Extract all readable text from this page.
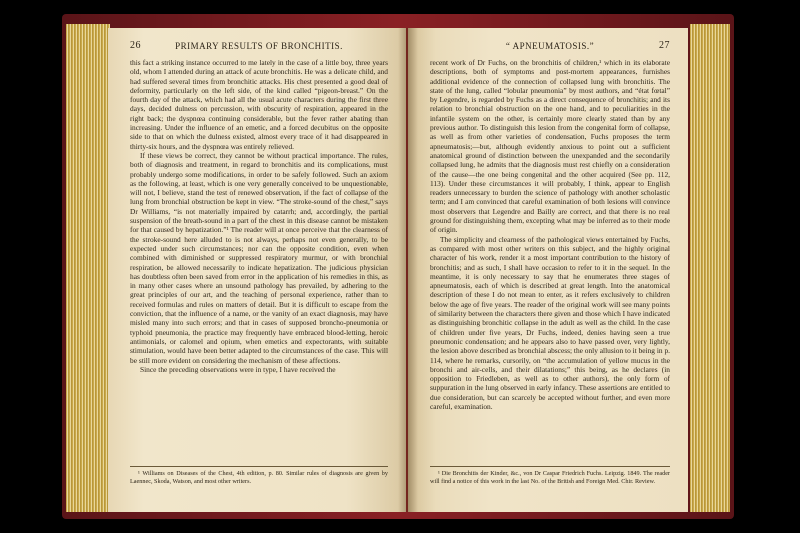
26	PRIMARY RESULTS OF BRONCHITIS.

this fact a striking instance occurred to me lately in the case of a little boy, three years old, whom I attended during an attack of acute bronchitis. He was a delicate child, and had suffered several times from bronchitic attacks. His chest presented a good deal of deformity, particularly on the left side, of the kind called “pigeon-breast.” On the fourth day of the attack, which had all the usual acute characters during the first three days, decided dulness on percussion, with obscurity of respiration, appeared in the right back; the dyspnœa continuing considerable, but the fever rather abating than increasing. Under the influence of an emetic, and a forced decubitus on the opposite side to that on which the dulness existed, almost every trace of it had disappeared in thirty-six hours, and the dyspnœa was entirely relieved.

If these views be correct, they cannot be without practical importance. The rules, both of diagnosis and treatment, in regard to bronchitis and its complications, must probably undergo some modifications, in order to be safely followed. Such an axiom as the following, at least, which is one very generally conceived to be unquestionable, will not, I believe, stand the test of renewed observation, if the fact of collapse of the lung from bronchial obstruction be kept in view. “The stroke-sound of the chest,” says Dr Williams, “is not materially impaired by catarrh; and, accordingly, the partial suspension of the breath-sound in a part of the chest in this disease cannot be mistaken for that caused by hepatization.”¹ The reader will at once perceive that the clearness of the stroke-sound here alluded to is not always, perhaps not even generally, to be expected under such circumstances; nor can the opposite condition, even when combined with diminished or suppressed respiratory murmur, or with bronchial respiration, be allowed necessarily to indicate hepatization. The judicious physician has doubtless often been saved from error in the application of his remedies in this, as in many other cases where an unsound pathology has prevailed, by adhering to the great principles of our art, and the teaching of personal experience, rather than to received formulas and rules on matters of detail. But it is difficult to escape from the conviction, that the influence of a name, or the vanity of an exact diagnosis, may have misled many into such errors; and that in cases of supposed broncho-pneumonia or typhoid pneumonia, the practice may frequently have embraced blood-letting, heroic antimonials, or calomel and opium, when emetics and expectorants, with suitable stimulation, would have been better adapted to the circumstances of the case. This will be still more evident on considering the mechanism of these affections.

Since the preceding observations were in type, I have received the

¹ Williams on Diseases of the Chest, 4th edition, p. 80. Similar rules of diagnosis are given by Laennec, Skoda, Watson, and most other writers.

“ APNEUMATOSIS.”	27

recent work of Dr Fuchs, on the bronchitis of children,¹ which in its elaborate descriptions, both of symptoms and post-mortem appearances, furnishes additional evidence of the connection of collapsed lung with bronchitis. The state of the lung, called “lobular pneumonia” by most authors, and “état fœtal” by Legendre, is regarded by Fuchs as a direct consequence of bronchitis; and its relation to bronchial obstruction on the one hand, and to peculiarities in the infantile system on the other, is certainly more clearly stated than by any previous author. To distinguish this lesion from the congenital form of collapse, as well as from other varieties of condensation, Fuchs proposes the term apneumatosis;—but, although evidently anxious to point out a sufficient anatomical ground of distinction between the unexpanded and the secondarily collapsed lung, he admits that the diagnosis must rest chiefly on a consideration of the cause—the one being congenital and the other acquired (See pp. 112, 113). Under these circumstances it will probably, I think, appear to English readers unnecessary to burden the science of pathology with another scholastic term; and I am convinced that careful examination of both lesions will convince most observers that Legendre and Bailly are correct, and that there is no real ground for distinguishing them, excepting what may be inferred as to their mode of origin.

The simplicity and clearness of the pathological views entertained by Fuchs, as compared with most other writers on this subject, and the highly original character of his work, render it a most important contribution to the history of bronchitis; and as such, I shall have occasion to refer to it in the sequel. In the meantime, it is only necessary to say that he enumerates three stages of apneumatosis, each of which is described at great length. Into the anatomical description of these I do not mean to enter, as it refers exclusively to children below the age of five years. The reader of the original work will see many points of similarity between the characters there given and those which I have indicated as distinguishing bronchitic collapse in the adult as well as the child. In the case of children under five years, Dr Fuchs, indeed, denies having seen a true pneumonic condensation; and he appears also to have passed over, very lightly, the lesion above described as bronchial abscess; the only allusion to it being in p. 114, where he remarks, cursorily, on “the accumulation of yellow mucus in the bronchi and air-cells, and their dilatations;” this being, as he declares (in opposition to Friedleben, as well as to other authors), the only form of suppuration in the lung observed in early infancy. These assertions are entitled to due consideration, but can scarcely be accepted without further, and even more careful, examination.

¹ Die Bronchitis der Kinder, &c., von Dr Caspar Friedrich Fuchs. Leipzig. 1849. The reader will find a notice of this work in the last No. of the British and Foreign Med. Chir. Review.
